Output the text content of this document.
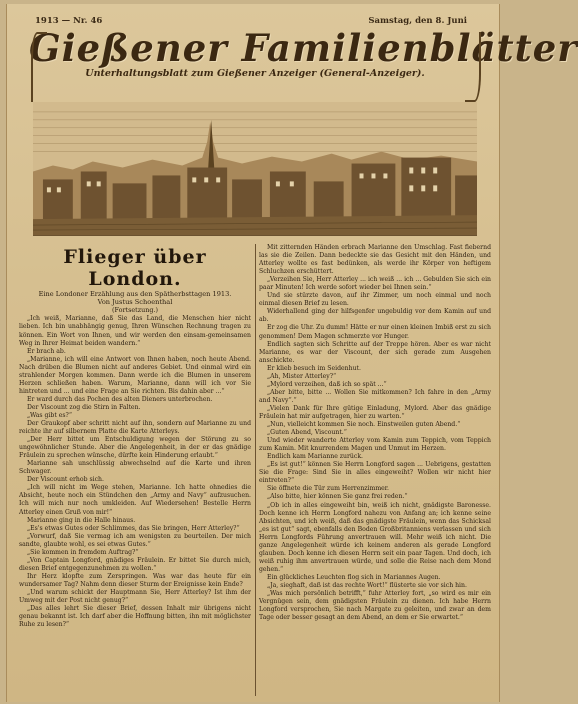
1913 — Nr. 46	Samstag, den 8. Juni
Gießener Familienblätter
Unterhaltungsblatt zum Gießener Anzeiger (General-Anzeiger).
Flieger über London.
Eine Londoner Erzählung aus den Spätherbsttagen 1913.
Von Justus Schoenthal
(Fortsetzung.)

„Ich weiß, Marianne, daß Sie das Land, die Menschen hier nicht lieben. Ich bin unabhängig genug, Ihren Wünschen Rechnung tragen zu können. Ein Wort von Ihnen, und wir werden den einsam-gemeinsamen Weg in Ihrer Heimat beiden wandern.“

Er brach ab.

„Marianne, ich will eine Antwort von Ihnen haben, noch heute Abend. Nach drüben die Blumen nicht auf anderes Gebiet. Und einmal wird ein strahlender Morgen kommen. Dann werde ich die Blumen in unserem Herzen schließen haben. Warum, Marianne, dann will ich vor Sie hintreten und ... und eine Frage an Sie richten. Bis dahin aber ...“

Er ward durch das Pochen des alten Dieners unterbrochen.

Der Viscount zog die Stirn in Falten.

„Was gibt es?“

Der Graukopf aber schritt nicht auf ihn, sondern auf Marianne zu und reichte ihr auf silbernem Platte die Karte Atterleys.

„Der Herr bittet um Entschuldigung wegen der Störung zu so ungewöhnlicher Stunde. Aber die Angelegenheit, in der er das gnädige Fräulein zu sprechen wünsche, dürfte kein Hinderung erlaubt.“

Marianne sah unschlüssig abwechselnd auf die Karte und ihren Schwager.

Der Viscount erhob sich.

„Ich will nicht im Wege stehen, Marianne. Ich hatte ohnedies die Absicht, heute noch ein Stündchen den „Army and Navy“ aufzusuchen. Ich will mich nur noch umkleiden. Auf Wiedersehen! Bestelle Herrn Atterley einen Gruß von mir!“

Marianne ging in die Halle hinaus.

„Es's etwas Gutes oder Schlimmes, das Sie bringen, Herr Atterley?“

„Vorwurf, daß Sie vermag ich am wenigsten zu beurteilen. Der mich sandte, glaubte wohl, es sei etwas Gutes.“

„Sie kommen in fremdem Auftrag?“

„Von Captain Longford, gnädiges Fräulein. Er bittet Sie durch mich, diesen Brief entgegenzunehmen zu wollen.“

Ihr Herz klopfte zum Zerspringen. Was war das heute für ein wundersamer Tag? Nahm denn dieser Sturm der Ereignisse kein Ende?

„Und warum schickt der Hauptmann Sie, Herr Atterley? Ist ihm der Umweg mit der Post nicht genug?“

„Das alles lehrt Sie dieser Brief, dessen Inhalt mir übrigens nicht genau bekannt ist. Ich darf aber die Hoffnung bitten, ihn mit möglichster Ruhe zu lesen?“

Mit zitternden Händen erbrach Marianne den Umschlag. Fast fiebernd las sie die Zeilen. Dann bedeckte sie das Gesicht mit den Händen, und Atterley wollte es fast bedünken, als werde ihr Körper von heftigem Schluchzen erschüttert.

„Verzeihen Sie, Herr Atterley ... ich weiß ... ich ... Gebulden Sie sich ein paar Minuten! Ich werde sofort wieder bei Ihnen sein.“

Und sie stürzte davon, auf ihr Zimmer, um noch einmal und noch einmal diesen Brief zu lesen.

Widerhallend ging der hilfsgenfer ungebuldig vor dem Kamin auf und ab.

Er zog die Uhr. Zu dumm! Hätte er nur einen kleinen Imbiß erst zu sich genommen! Dem Magen schmerzte vor Hunger.

Endlich sagten sich Schritte auf der Treppe hören. Aber es war nicht Marianne, es war der Viscount, der sich gerade zum Ausgehen anschickte.

Er klieb besuch im Seidenhut.

„Ah, Mister Atterley?“

„Mylord verzeihen, daß ich so spät ...“

„Aber bitte, bitte ... Wollen Sie mitkommen? Ich fahre in den „Army and Navy“.“

„Vielen Dank für Ihre gütige Einladung, Mylord. Aber das gnädige Fräulein hat mir aufgetragen, hier zu warten.“

„Nun, vielleicht kommen Sie noch. Einstweilen guten Abend.“

„Guten Abend, Viscount.“

Und wieder wanderte Atterley vom Kamin zum Teppich, vom Teppich zum Kamin. Mit knurrendem Magen und Unmut im Herzen.

Endlich kam Marianne zurück.

„Es ist gut!“ können Sie Herrn Longford sagen ... Uebrigens, gestatten Sie die Frage: Sind Sie in alles eingeweiht? Wollen wir nicht hier eintreten?“

Sie öffnete die Tür zum Herrenzimmer.

„Also bitte, hier können Sie ganz frei reden.“

„Ob ich in alles eingeweiht bin, weiß ich nicht, gnädigste Baronesse. Doch kenne ich Herrn Longford nahezu von Anfang an; ich kenne seine Absichten, und ich weiß, daß das gnädigste Fräulein, wenn das Schicksal „es ist gut“ sagt, ebenfalls den Boden Großbritanniens verlassen und sich Herrn Longfords Führung anvertrauen will. Mehr weiß ich nicht. Die ganze Angelegenheit würde ich keinem anderen als gerade Longford glauben. Doch kenne ich diesen Herrn seit ein paar Tagen. Und doch, ich weiß ruhig ihm anvertrauen würde, und solle die Reise nach dem Mond gehen.“

Ein glückliches Leuchten flog sich in Mariannes Augen.

„Ja, sieghaft, daß ist das rechte Wort!“ flüsterte sie vor sich hin.

„Was mich persönlich betrifft,“ fuhr Atterley fort, „so wird es mir ein Vergnügen sein, dem gnädigsten Fräulein zu dienen. Ich habe Herrn Longford versprochen, Sie nach Margate zu geleiten, und zwar an dem Tage oder besser gesagt an dem Abend, an dem er Sie erwartet.“
